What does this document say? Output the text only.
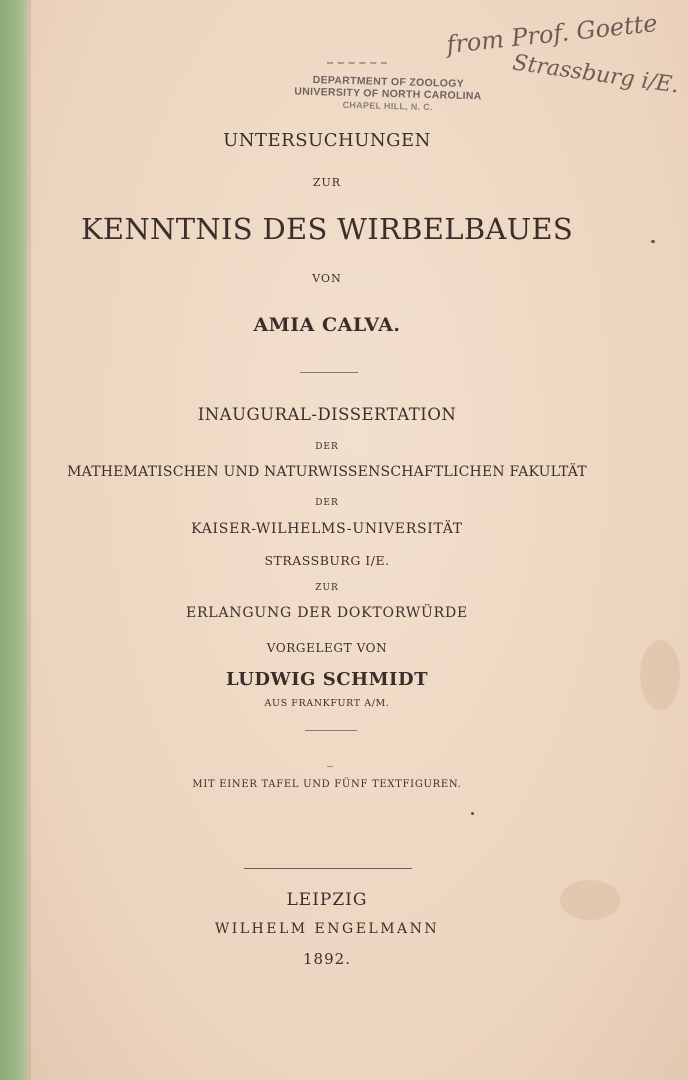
from Prof. Goette
Strassburg i/E.
DEPARTMENT OF ZOOLOGY
UNIVERSITY OF NORTH CAROLINA
CHAPEL HILL, N. C.
UNTERSUCHUNGEN
ZUR
KENNTNIS DES WIRBELBAUES
VON
AMIA CALVA.
INAUGURAL-DISSERTATION
DER
MATHEMATISCHEN UND NATURWISSENSCHAFTLICHEN FAKULTÄT
DER
KAISER-WILHELMS-UNIVERSITÄT
STRASSBURG I/E.
ZUR
ERLANGUNG DER DOKTORWÜRDE
VORGELEGT VON
LUDWIG SCHMIDT
AUS FRANKFURT A/M.
MIT EINER TAFEL UND FÜNF TEXTFIGUREN.
LEIPZIG
WILHELM ENGELMANN
1892.
